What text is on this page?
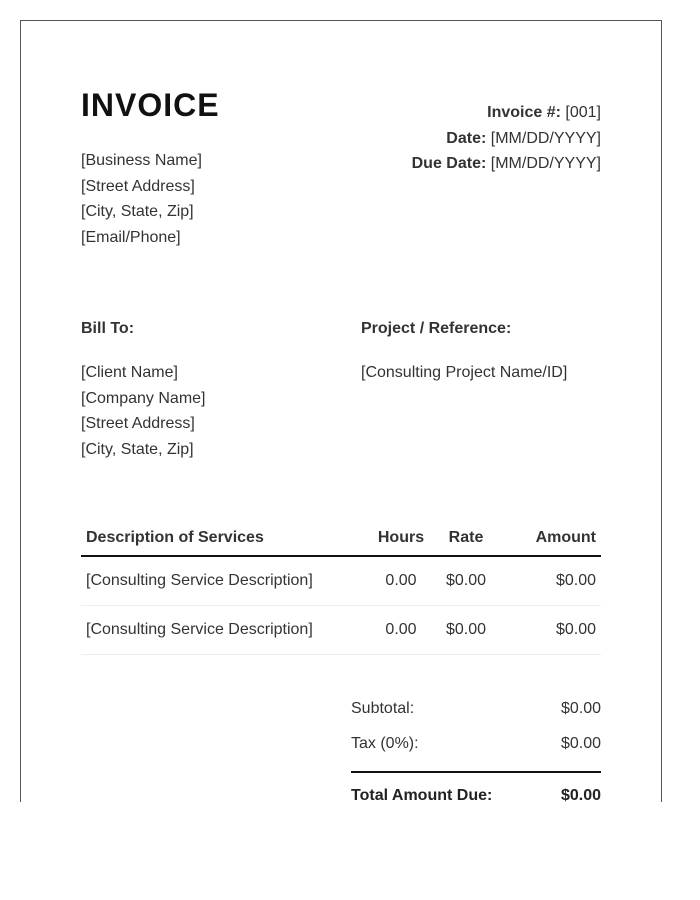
INVOICE	Invoice #: [001]
Date: [MM/DD/YYYY]
Due Date: [MM/DD/YYYY]
[Business Name]
[Street Address]
[City, State, Zip]
[Email/Phone]
Bill To:
[Client Name]
[Company Name]
[Street Address]
[City, State, Zip]
Project / Reference:
[Consulting Project Name/ID]
Description of Services	Hours	Rate	Amount
[Consulting Service Description]	0.00	$0.00	$0.00
[Consulting Service Description]	0.00	$0.00	$0.00
Subtotal:	$0.00
Tax (0%):	$0.00
Total Amount Due:	$0.00
